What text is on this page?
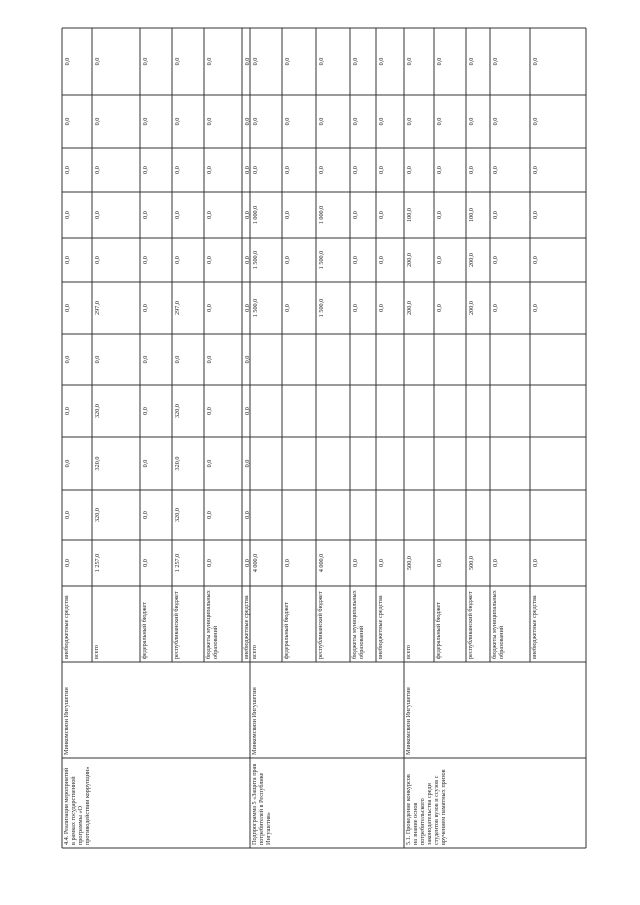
0,0
0,0
0,0
0,0
0,0
0,0
0,0
0,0
0,0
0,0
0,0
внебюджетные средства
1 257,0
320,0
320,0
320,0
0,0
297,0
0,0
0,0
0,0
0,0
0,0
всего
0,0
0,0
0,0
0,0
0,0
0,0
0,0
0,0
0,0
0,0
0,0
федеральный бюджет
1 257,0
320,0
320,0
320,0
0,0
297,0
0,0
0,0
0,0
0,0
0,0
республиканский бюджет
0,0
0,0
0,0
0,0
0,0
0,0
0,0
0,0
0,0
0,0
0,0
бюджеты муниципальныхобразований
0,0
0,0
0,0
0,0
0,0
0,0
0,0
0,0
0,0
0,0
0,0
внебюджетные средства
4 000,0
1 500,0
1 500,0
1 000,0
0,0
0,0
0,0
всего
0,0
0,0
0,0
0,0
0,0
0,0
0,0
федеральный бюджет
4 000,0
1 500,0
1 500,0
1 000,0
0,0
0,0
0,0
республиканский бюджет
0,0
0,0
0,0
0,0
0,0
0,0
0,0
бюджеты муниципальныхобразований
0,0
0,0
0,0
0,0
0,0
0,0
0,0
внебюджетные средства
500,0
200,0
200,0
100,0
0,0
0,0
0,0
всего
0,0
0,0
0,0
0,0
0,0
0,0
0,0
федеральный бюджет
500,0
200,0
200,0
100,0
0,0
0,0
0,0
республиканский бюджет
0,0
0,0
0,0
0,0
0,0
0,0
0,0
бюджеты муниципальныхобразований
0,0
0,0
0,0
0,0
0,0
0,0
0,0
внебюджетные средства
Минкомсвязи Ингушетии
4.4. Реализация мероприятийв рамках государственнойпрограммы «Опротиводействии коррупции»
Минкомсвязи Ингушетии
Подпрограмма 5 «Защита правпотребителей в РеспубликеИнгушетия»
Минкомсвязи Ингушетии
5.1. Проведение конкурсовна знание основпотребительскогозаконодательства средистудентов вузов и ссузов свручением памятных призов
